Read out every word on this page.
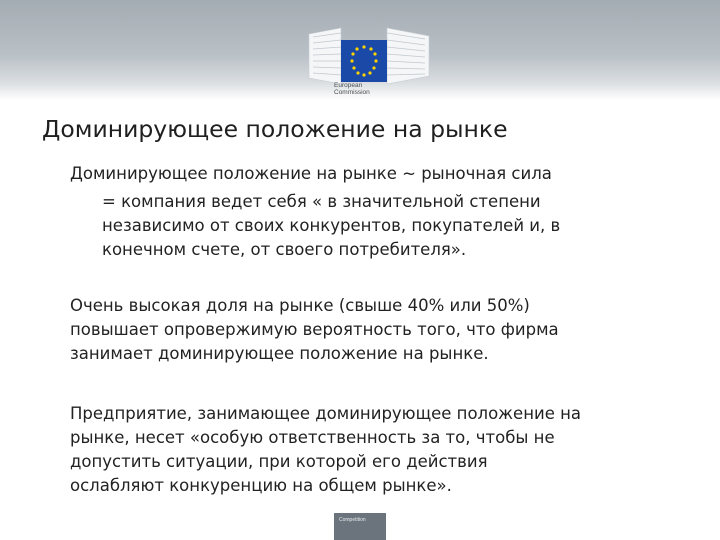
European
Commission
Доминирующее положение на рынке
Доминирующее положение на рынке ~ рыночная сила
= компания ведет себя « в значительной степени
независимо от своих конкурентов, покупателей и, в
конечном счете, от своего потребителя».
Очень высокая доля на рынке (свыше 40% или 50%)
повышает опровержимую вероятность того, что фирма
занимает доминирующее положение на рынке.
Предприятие, занимающее доминирующее положение на
рынке, несет «особую ответственность за то, чтобы не
допустить ситуации, при которой его действия
ослабляют конкуренцию на общем рынке».
Competition
